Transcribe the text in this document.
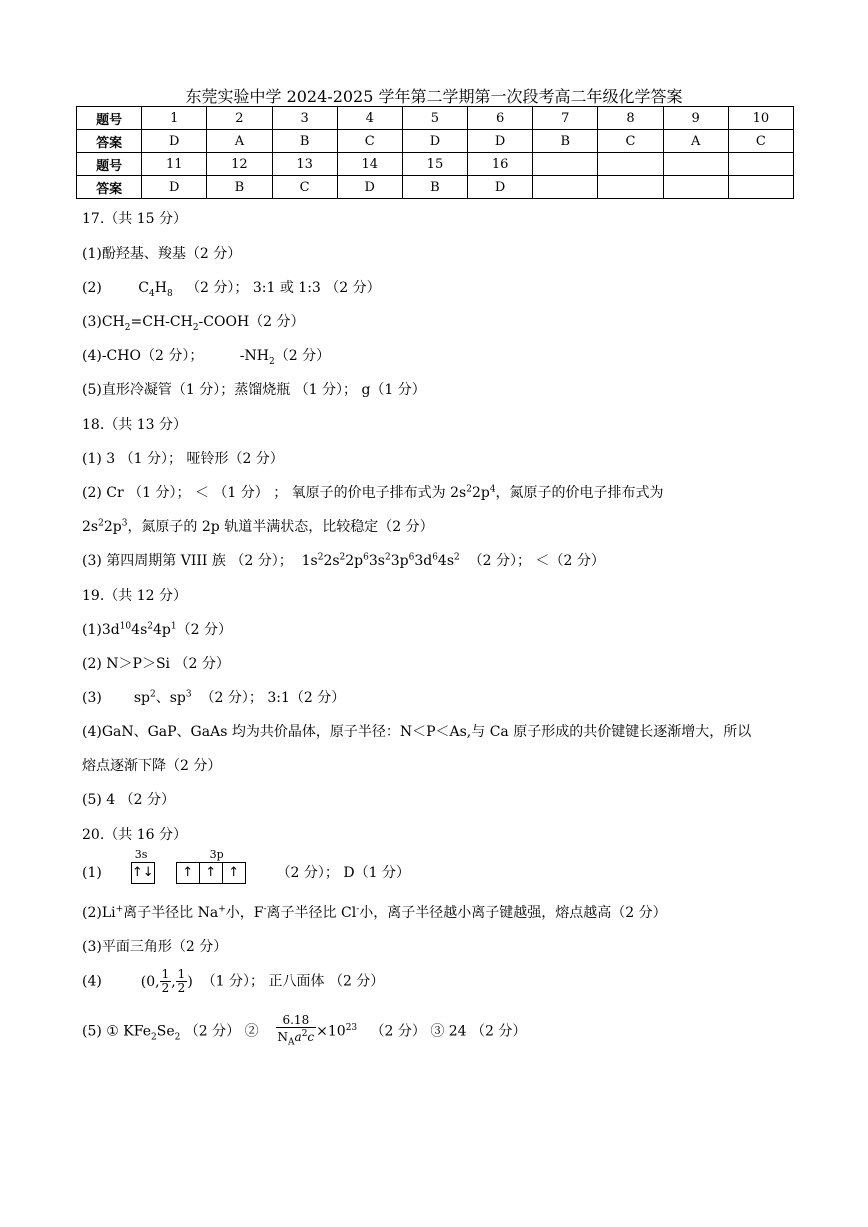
东莞实验中学 2024-2025 学年第二学期第一次段考高二年级化学答案
题号	1	2	3	4	5	6	7	8	9	10
答案	D	A	B	C	D	D	B	C	A	C
题号	11	12	13	14	15	16				
答案	D	B	C	D	B	D				
17.（共 15 分）
(1)酚羟基、羧基（2 分）
(2)	$C_4H_8$ （2 分）； 3:1 或 1:3 （2 分）
$(3)CH_2=CH-CH_2-COOH(2$ 分）
(4)-CHO（2 分）；	$-NH_2(2$ 分）
(5)直形冷凝管（1 分）；蒸馏烧瓶 （1 分）； g（1 分）
18.（共 13 分）
(1) 3 （1 分）； 哑铃形（2 分）
(2) Cr （1 分）； ＜ （1 分） ； 氧原子的价电子排布式为 $2s^22p^4$，氮原子的价电子排布式为
$2s^22p^3$，氮原子的 2p 轨道半满状态，比较稳定（2 分）
(3) 第四周期第 VIII 族 （2 分）；  $1s^22s^22p^63s^23p^63d^64s^2$ （2 分）； ＜（2 分）
19.（共 12 分）
$(1)3d^{10}4s^24p^1(2$ 分）
(2) N＞P＞Si （2 分）
(3) $sp^2$、$sp^3$ （2 分）； 3:1（2 分）
(4)GaN、GaP、GaAs 均为共价晶体，原子半径：N＜P＜As,与 Ca 原子形成的共价键键长逐渐增大，所以
熔点逐渐下降（2 分）
(5) 4 （2 分）
20.（共 16 分）
(1)
3s
↑↓
3p
↑ ↑ ↑	（2 分）； D（1 分）
(2)Li+离子半径比 Na+小，F-离子半径比 Cl-小，离子半径越小离子键越强，熔点越高（2 分）
(3)平面三角形（2 分）
(4)	(0, $\frac{1}{2}$ , $\frac{1}{2}$ ) （1 分）； 正八面体 （2 分）
(5) ① $KFe_2Se_2$ （2 分） ② $\frac{6.18}{N_Aa^2c} \times 10^{23}$ （2 分） ③ 24 （2 分）
